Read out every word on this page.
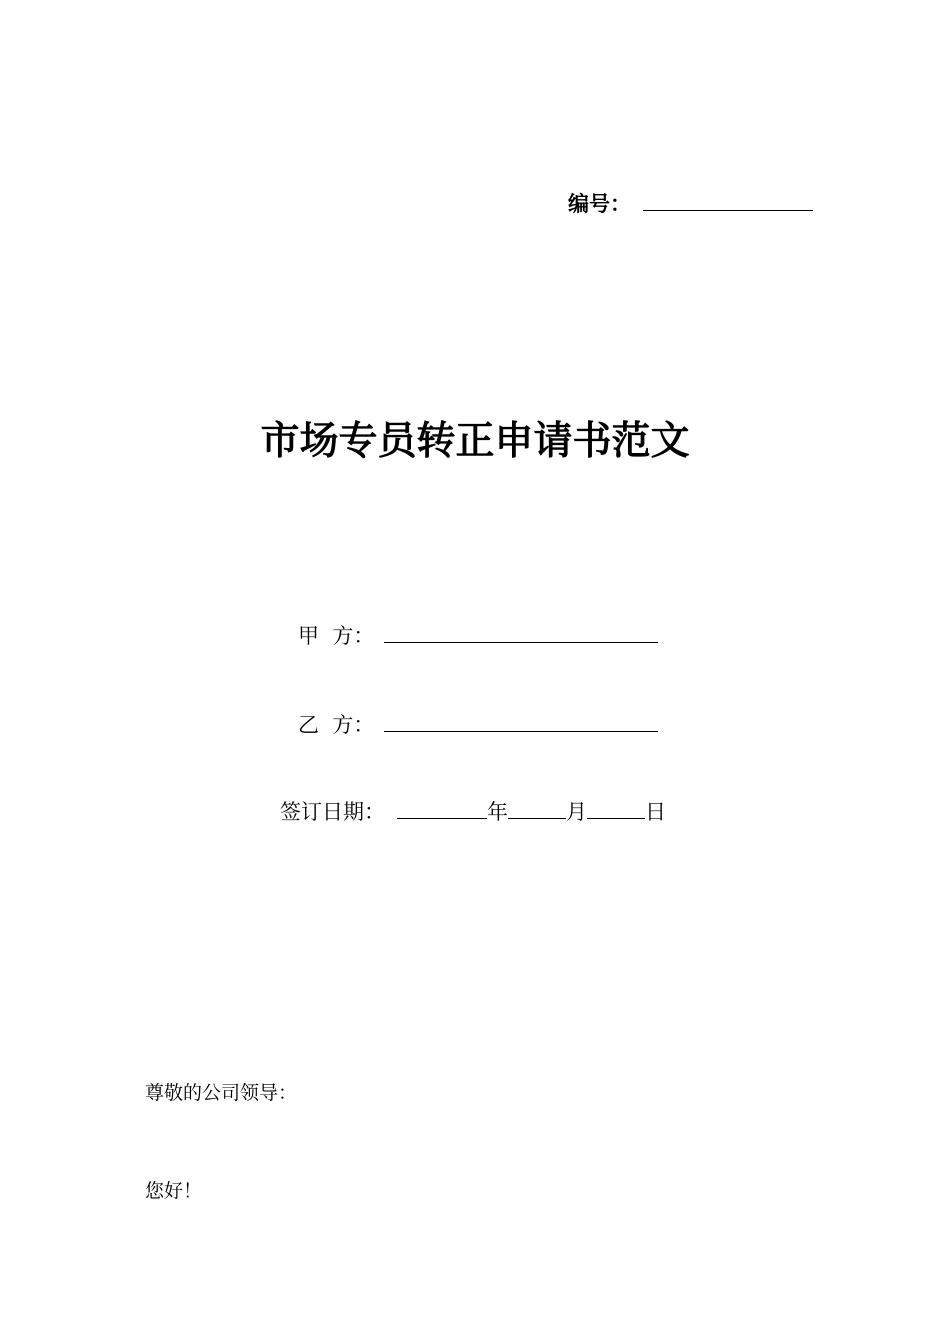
编号：
市场专员转正申请书范文
甲  方：
乙  方：
签订日期：	年	月	日
尊敬的公司领导：
您好！
